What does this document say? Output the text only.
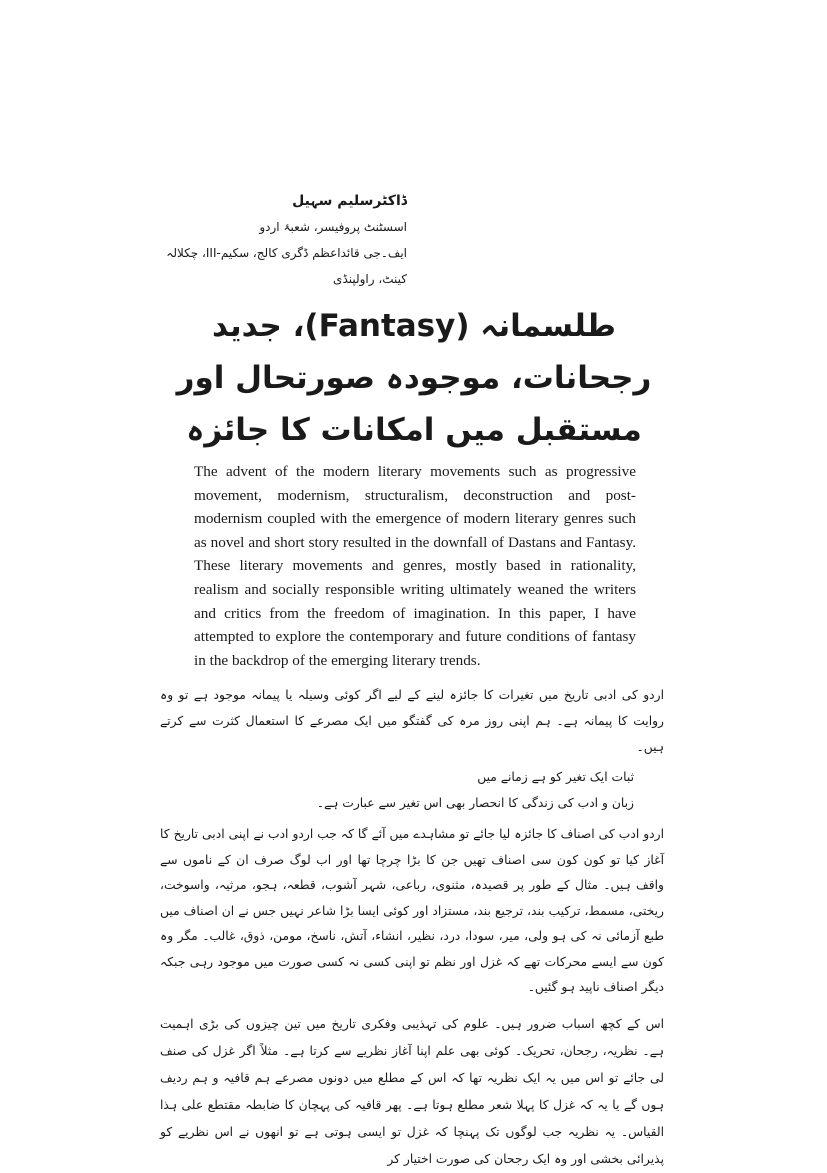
ڈاکٹرسلیم سہیل
اسسٹنٹ پروفیسر، شعبۂ اردو
ایف۔جی قائداعظم ڈگری کالج، سکیم-III، چکلالہ کینٹ، راولپنڈی
طلسمانہ (Fantasy)، جدید رجحانات، موجودہ صورتحال اور مستقبل میں امکانات کا جائزہ

The advent of the modern literary movements such as progressive movement, modernism, structuralism, deconstruction and post-modernism coupled with the emergence of modern literary genres such as novel and short story resulted in the downfall of Dastans and Fantasy. These literary movements and genres, mostly based in rationality, realism and socially responsible writing ultimately weaned the writers and critics from the freedom of imagination. In this paper, I have attempted to explore the contemporary and future conditions of fantasy in the backdrop of the emerging literary trends.

اردو کی ادبی تاریخ میں تغیرات کا جائزہ لینے کے لیے اگر کوئی وسیلہ یا پیمانہ موجود ہے تو وہ روایت کا پیمانہ ہے۔ ہم اپنی روز مرہ کی گفتگو میں ایک مصرعے کا استعمال کثرت سے کرتے ہیں۔

ثبات ایک تغیر کو ہے زمانے میں
زبان و ادب کی زندگی کا انحصار بھی اس تغیر سے عبارت ہے۔

اردو ادب کی اصناف کا جائزہ لیا جائے تو مشاہدے میں آئے گا کہ جب اردو ادب نے اپنی ادبی تاریخ کا آغاز کیا تو کون کون سی اصناف تھیں جن کا بڑا چرچا تھا اور اب لوگ صرف ان کے ناموں سے واقف ہیں۔ مثال کے طور پر قصیدہ، مثنوی، رباعی، شہر آشوب، قطعہ، ہجو، مرثیہ، واسوخت، ریختی، مسمط، ترکیب بند، ترجیع بند، مستزاد اور کوئی ایسا بڑا شاعر نہیں جس نے ان اصناف میں طبع آزمائی نہ کی ہو ولی، میر، سودا، درد، نظیر، انشاء، آتش، ناسخ، مومن، ذوق، غالب۔ مگر وہ کون سے ایسے محرکات تھے کہ غزل اور نظم تو اپنی کسی نہ کسی صورت میں موجود رہی جبکہ دیگر اصناف ناپید ہو گئیں۔

اس کے کچھ اسباب ضرور ہیں۔ علوم کی تہذیبی وفکری تاریخ میں تین چیزوں کی بڑی اہمیت ہے۔ نظریہ، رجحان، تحریک۔ کوئی بھی علم اپنا آغاز نظریے سے کرتا ہے۔ مثلاً اگر غزل کی صنف لی جائے تو اس میں یہ ایک نظریہ تھا کہ اس کے مطلع میں دونوں مصرعے ہم قافیہ و ہم ردیف ہوں گے یا یہ کہ غزل کا پہلا شعر مطلع ہوتا ہے۔ پھر قافیہ کی پہچان کا ضابطہ مقتطع علی ہذا القیاس۔ یہ نظریہ جب لوگوں تک پہنچا کہ غزل تو ایسی ہوتی ہے تو انھوں نے اس نظریے کو پذیرائی بخشی اور وہ ایک رجحان کی صورت اختیار کر
